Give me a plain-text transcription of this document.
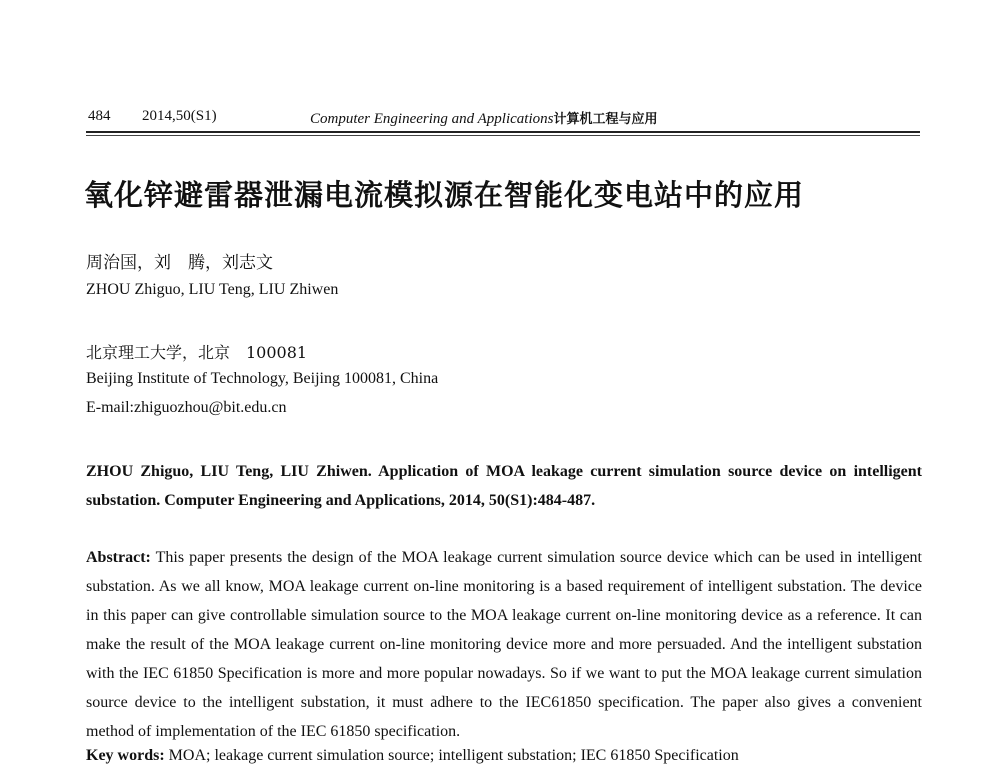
484 2014,50(S1)	Computer Engineering and Applications计算机工程与应用
氧化锌避雷器泄漏电流模拟源在智能化变电站中的应用
周治国，刘　腾，刘志文
ZHOU Zhiguo, LIU Teng, LIU Zhiwen
北京理工大学，北京　100081
Beijing Institute of Technology, Beijing 100081, China
E-mail:zhiguozhou@bit.edu.cn
ZHOU Zhiguo, LIU Teng, LIU Zhiwen. Application of MOA leakage current simulation source device on intelligent substation. Computer Engineering and Applications, 2014, 50(S1):484-487.
Abstract: This paper presents the design of the MOA leakage current simulation source device which can be used in intelligent substation. As we all know, MOA leakage current on-line monitoring is a based requirement of intelligent substation. The device in this paper can give controllable simulation source to the MOA leakage current on-line monitoring device as a reference. It can make the result of the MOA leakage current on-line monitoring device more and more persuaded. And the intelligent substation with the IEC 61850 Specification is more and more popular nowadays. So if we want to put the MOA leakage current simulation source device to the intelligent substation, it must adhere to the IEC61850 specification. The paper also gives a convenient method of implementation of the IEC 61850 specification.
Key words: MOA; leakage current simulation source; intelligent substation; IEC 61850 Specification
